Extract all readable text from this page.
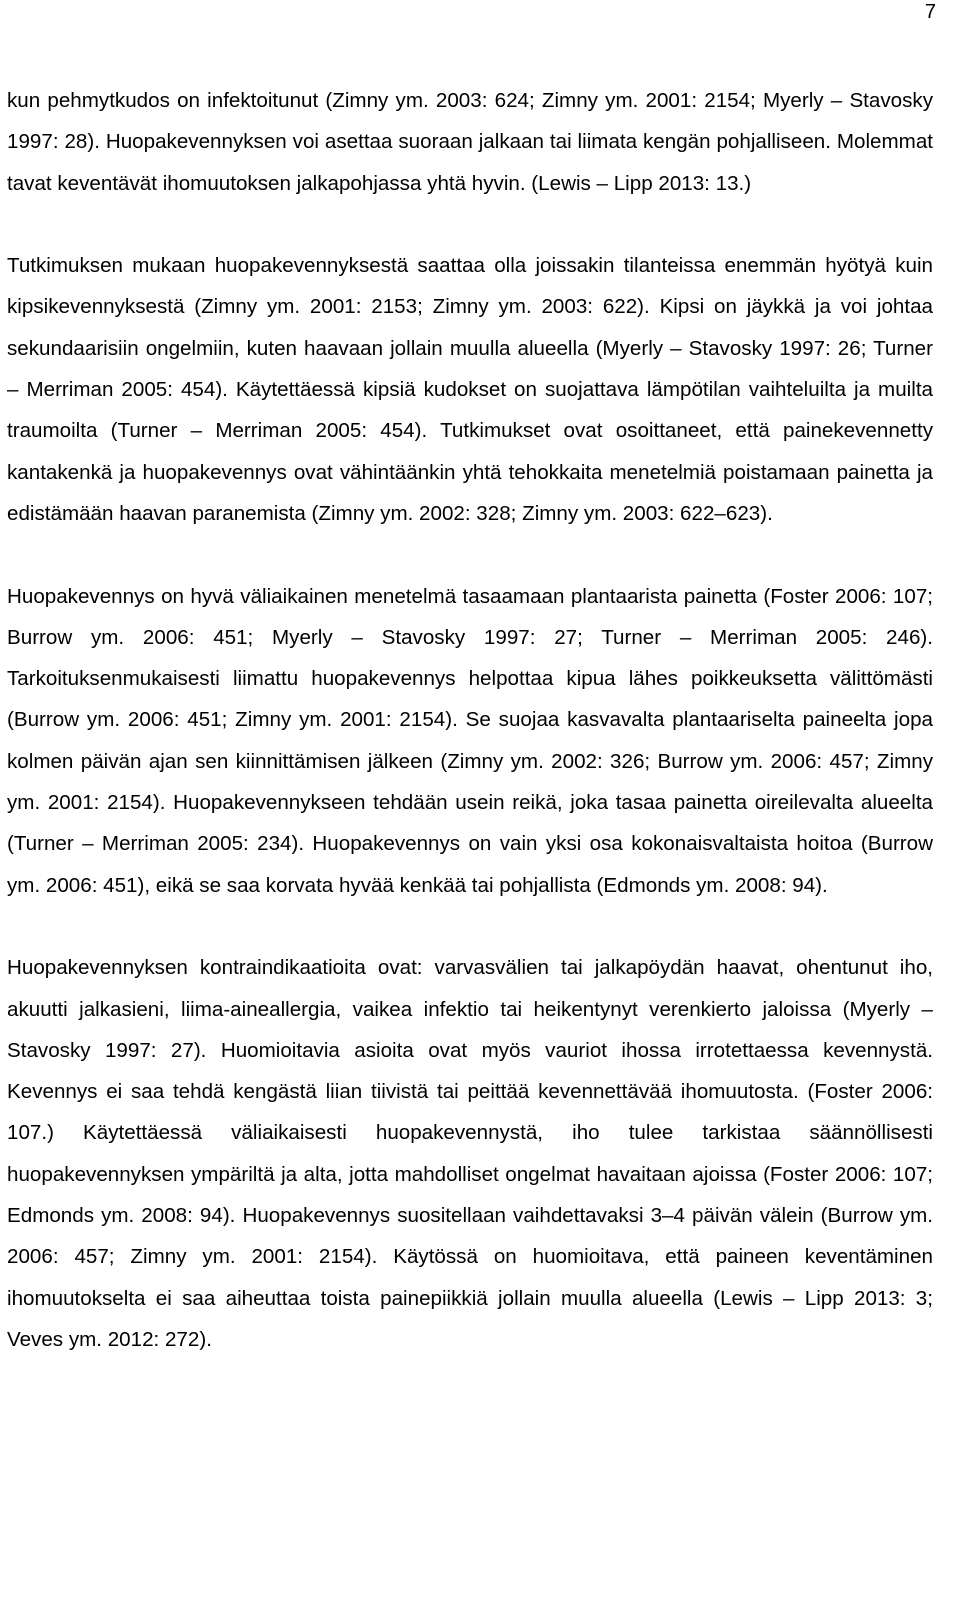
7

kun pehmytkudos on infektoitunut (Zimny ym. 2003: 624; Zimny ym. 2001: 2154; Myerly – Stavosky 1997: 28). Huopakevennyksen voi asettaa suoraan jalkaan tai liimata kengän pohjalliseen. Molemmat tavat keventävät ihomuutoksen jalkapohjassa yhtä hyvin. (Lewis – Lipp 2013: 13.)

Tutkimuksen mukaan huopakevennyksestä saattaa olla joissakin tilanteissa enemmän hyötyä kuin kipsikevennyksestä (Zimny ym. 2001: 2153; Zimny ym. 2003: 622). Kipsi on jäykkä ja voi johtaa sekundaarisiin ongelmiin, kuten haavaan jollain muulla alueella (Myerly – Stavosky 1997: 26; Turner – Merriman 2005: 454). Käytettäessä kipsiä kudokset on suojattava lämpötilan vaihteluilta ja muilta traumoilta (Turner – Merriman 2005: 454). Tutkimukset ovat osoittaneet, että painekevennetty kantakenkä ja huopakevennys ovat vähintäänkin yhtä tehokkaita menetelmiä poistamaan painetta ja edistämään haavan paranemista (Zimny ym. 2002: 328; Zimny ym. 2003: 622–623).

Huopakevennys on hyvä väliaikainen menetelmä tasaamaan plantaarista painetta (Foster 2006: 107; Burrow ym. 2006: 451; Myerly – Stavosky 1997: 27; Turner – Merriman 2005: 246). Tarkoituksenmukaisesti liimattu huopakevennys helpottaa kipua lähes poikkeuksetta välittömästi (Burrow ym. 2006: 451; Zimny ym. 2001: 2154). Se suojaa kasvavalta plantaariselta paineelta jopa kolmen päivän ajan sen kiinnittämisen jälkeen (Zimny ym. 2002: 326; Burrow ym. 2006: 457; Zimny ym. 2001: 2154). Huopakevennykseen tehdään usein reikä, joka tasaa painetta oireilevalta alueelta (Turner – Merriman 2005: 234). Huopakevennys on vain yksi osa kokonaisvaltaista hoitoa (Burrow ym. 2006: 451), eikä se saa korvata hyvää kenkää tai pohjallista (Edmonds ym. 2008: 94).

Huopakevennyksen kontraindikaatioita ovat: varvasvälien tai jalkapöydän haavat, ohentunut iho, akuutti jalkasieni, liima-aineallergia, vaikea infektio tai heikentynyt verenkierto jaloissa (Myerly – Stavosky 1997: 27). Huomioitavia asioita ovat myös vauriot ihossa irrotettaessa kevennystä. Kevennys ei saa tehdä kengästä liian tiivistä tai peittää kevennettävää ihomuutosta. (Foster 2006: 107.) Käytettäessä väliaikaisesti huopakevennystä, iho tulee tarkistaa säännöllisesti huopakevennyksen ympäriltä ja alta, jotta mahdolliset ongelmat havaitaan ajoissa (Foster 2006: 107; Edmonds ym. 2008: 94). Huopakevennys suositellaan vaihdettavaksi 3–4 päivän välein (Burrow ym. 2006: 457; Zimny ym. 2001: 2154). Käytössä on huomioitava, että paineen keventäminen ihomuutokselta ei saa aiheuttaa toista painepiikkiä jollain muulla alueella (Lewis – Lipp 2013: 3; Veves ym. 2012: 272).
